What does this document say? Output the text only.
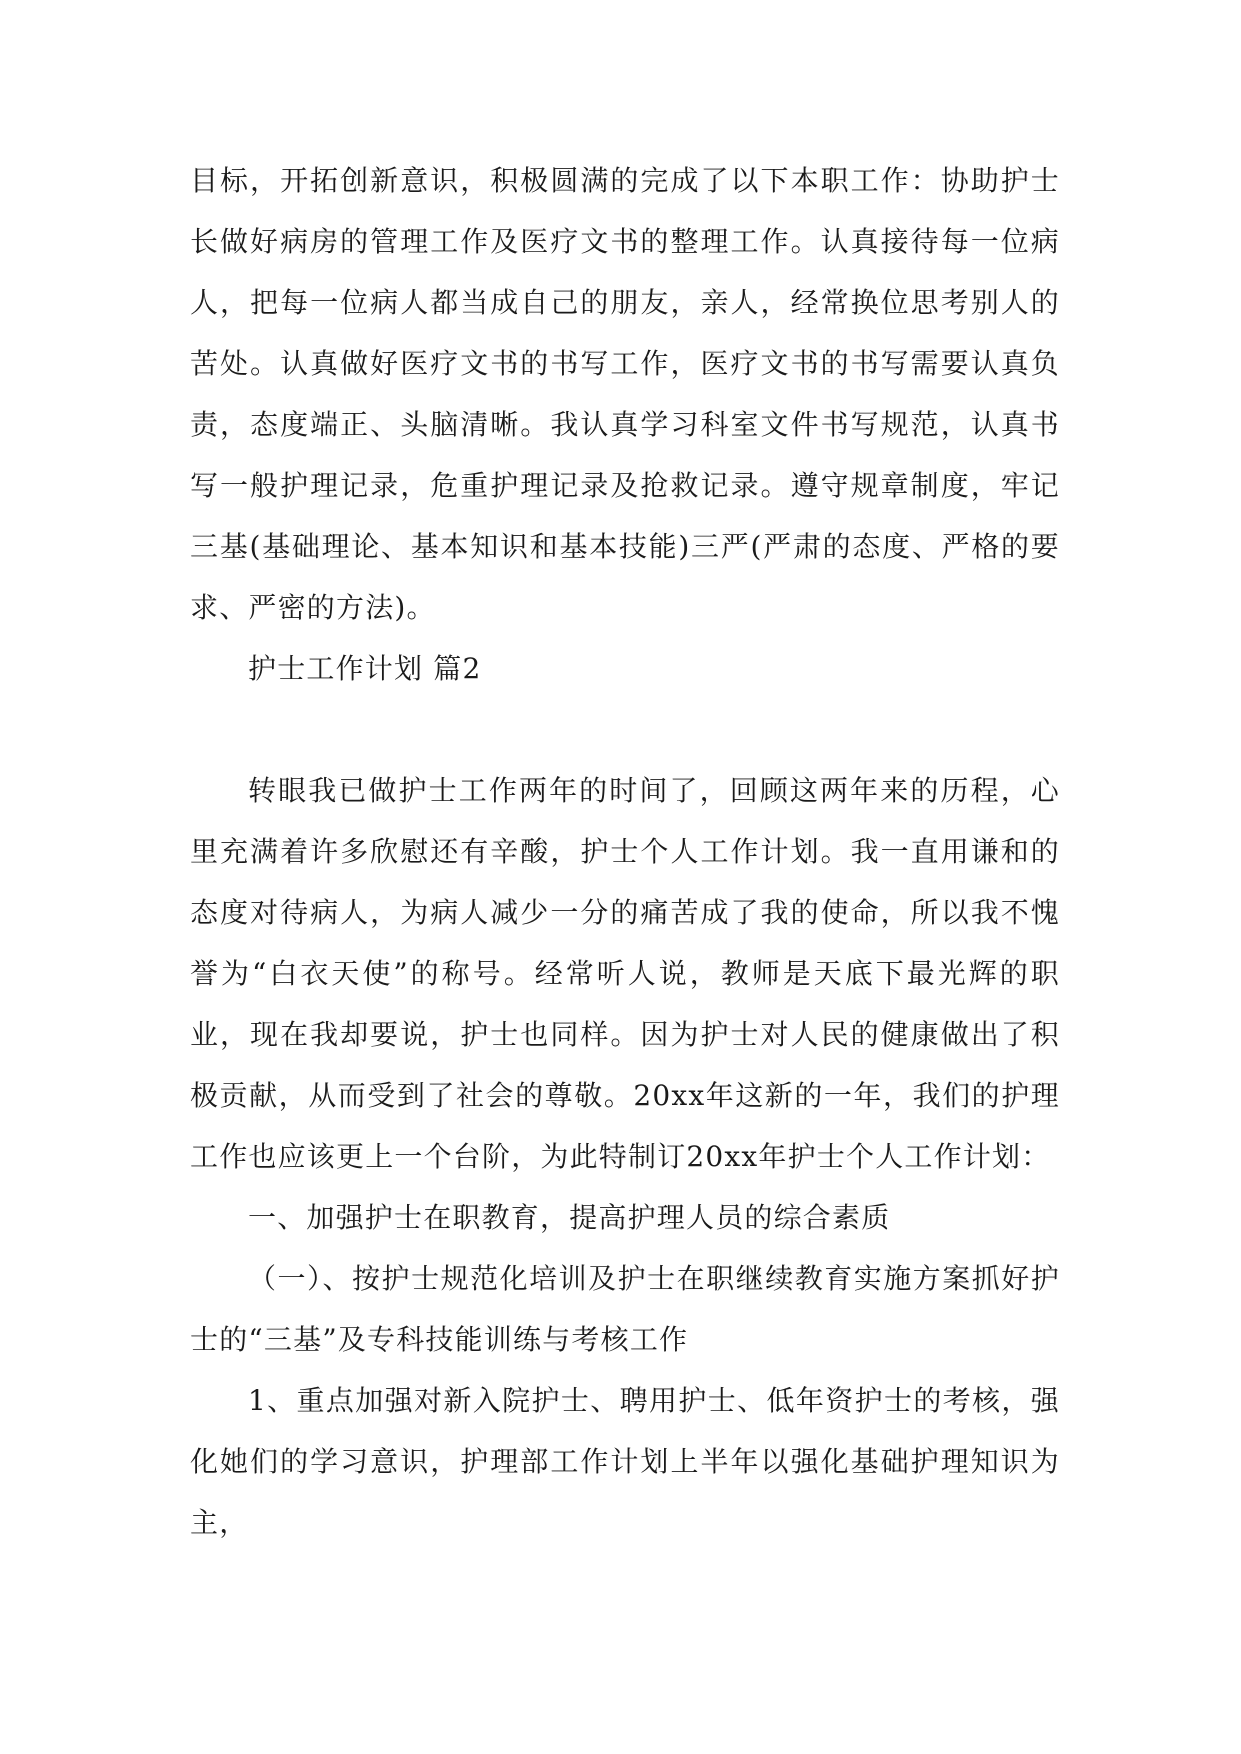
目标，开拓创新意识，积极圆满的完成了以下本职工作：协助护士长做好病房的管理工作及医疗文书的整理工作。认真接待每一位病人，把每一位病人都当成自己的朋友，亲人，经常换位思考别人的苦处。认真做好医疗文书的书写工作，医疗文书的书写需要认真负责，态度端正、头脑清晰。我认真学习科室文件书写规范，认真书写一般护理记录，危重护理记录及抢救记录。遵守规章制度，牢记三基(基础理论、基本知识和基本技能)三严(严肃的态度、严格的要求、严密的方法)。

护士工作计划 篇2

转眼我已做护士工作两年的时间了，回顾这两年来的历程，心里充满着许多欣慰还有辛酸，护士个人工作计划。我一直用谦和的态度对待病人，为病人减少一分的痛苦成了我的使命，所以我不愧誉为“白衣天使”的称号。经常听人说，教师是天底下最光辉的职业，现在我却要说，护士也同样。因为护士对人民的健康做出了积极贡献，从而受到了社会的尊敬。20xx年这新的一年，我们的护理工作也应该更上一个台阶，为此特制订20xx年护士个人工作计划：

一、加强护士在职教育，提高护理人员的综合素质

（一）、按护士规范化培训及护士在职继续教育实施方案抓好护士的“三基”及专科技能训练与考核工作

1、重点加强对新入院护士、聘用护士、低年资护士的考核，强化她们的学习意识，护理部工作计划上半年以强化基础护理知识为主，
